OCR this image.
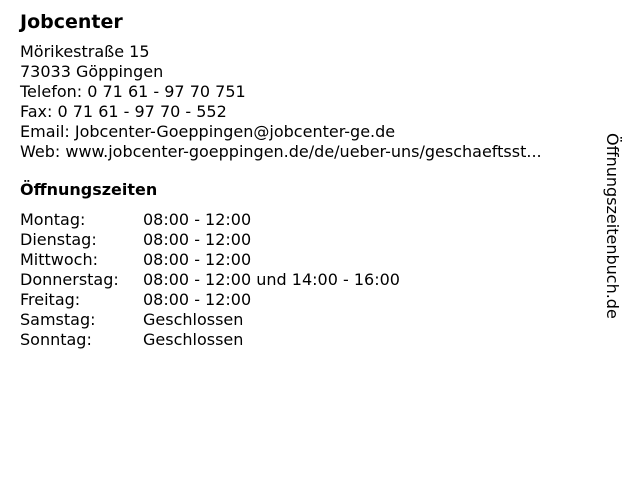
Jobcenter
Mörikestraße 15
73033 Göppingen
Telefon: 0 71 61 - 97 70 751
Fax: 0 71 61 - 97 70 - 552
Email: Jobcenter-Goeppingen@jobcenter-ge.de
Web: www.jobcenter-goeppingen.de/de/ueber-uns/geschaeftsst...
Öffnungszeiten
Montag:	08:00 - 12:00
Dienstag:	08:00 - 12:00
Mittwoch:	08:00 - 12:00
Donnerstag:	08:00 - 12:00 und 14:00 - 16:00
Freitag:	08:00 - 12:00
Samstag:	Geschlossen
Sonntag:	Geschlossen
Öffnungszeitenbuch.de
